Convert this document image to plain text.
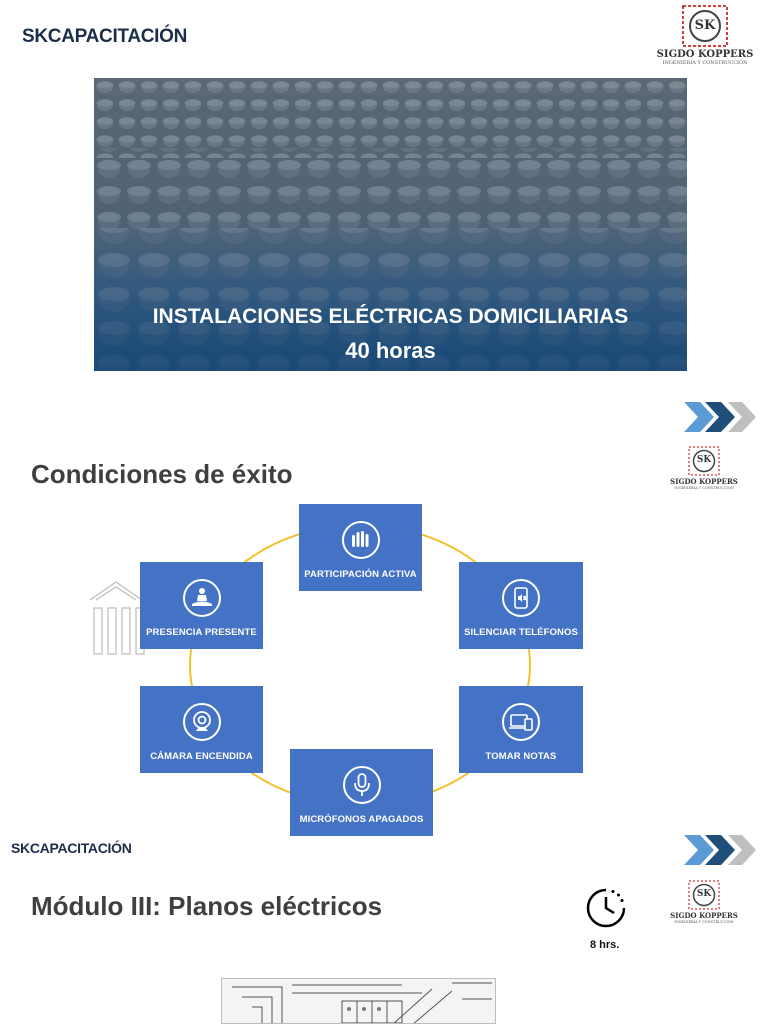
SKCAPACITACIÓN
SK
SIGDO KOPPERS
INGENIERIA Y CONSTRUCCION
INSTALACIONES ELÉCTRICAS DOMICILIARIAS
40 horas
SK
SIGDO KOPPERS
INGENIERIA Y CONSTRUCCION
Condiciones de éxito
PARTICIPACIÓN ACTIVA
SILENCIAR TELÉFONOS
TOMAR NOTAS
MICRÓFONOS APAGADOS
CÁMARA ENCENDIDA
PRESENCIA PRESENTE
SKCAPACITACIÓN
Módulo III: Planos eléctricos
8 hrs.
SK
SIGDO KOPPERS
INGENIERIA Y CONSTRUCCION
